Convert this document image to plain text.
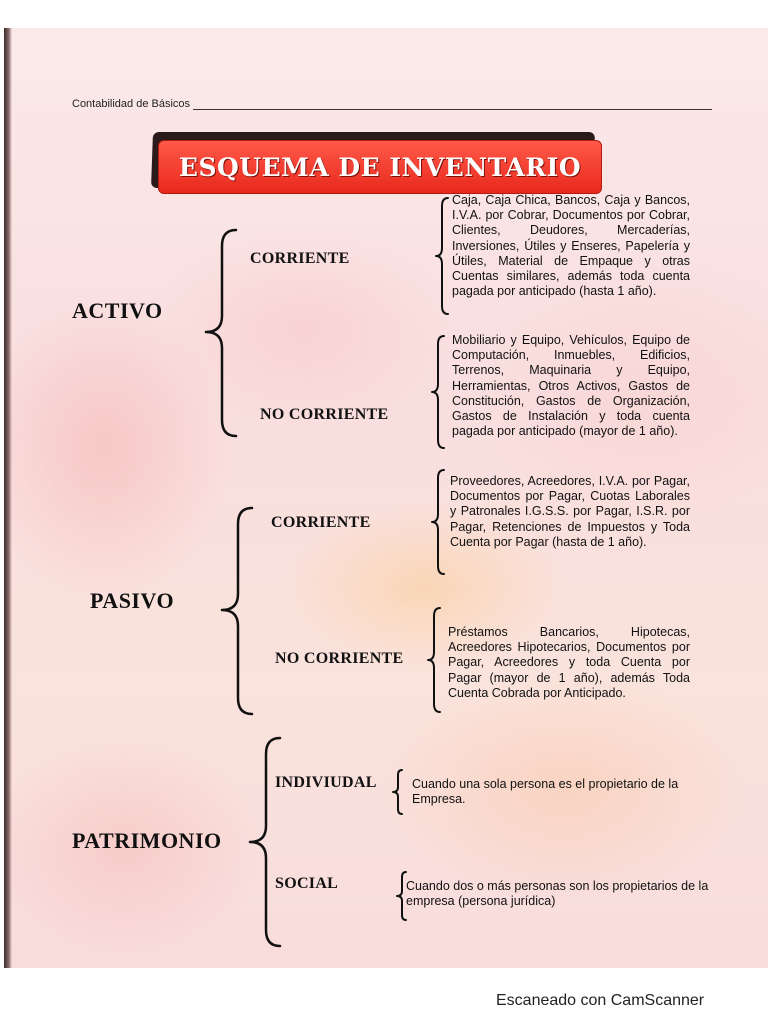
Contabilidad de Básicos
ESQUEMA DE INVENTARIO
ACTIVO
CORRIENTE
NO CORRIENTE
Caja, Caja Chica, Bancos, Caja y Bancos, I.V.A. por Cobrar, Documentos por Cobrar, Clientes, Deudores, Mercaderías, Inversiones, Útiles y Enseres, Papelería y Útiles, Material de Empaque y otras Cuentas similares, además toda cuenta pagada por anticipado (hasta 1 año).
Mobiliario y Equipo, Vehículos, Equipo de Computación, Inmuebles, Edificios, Terrenos, Maquinaria y Equipo, Herramientas, Otros Activos, Gastos de Constitución, Gastos de Organización, Gastos de Instalación y toda cuenta pagada por anticipado (mayor de 1 año).
PASIVO
CORRIENTE
NO CORRIENTE
Proveedores, Acreedores, I.V.A. por Pagar, Documentos por Pagar, Cuotas Laborales y Patronales I.G.S.S. por Pagar, I.S.R. por Pagar, Retenciones de Impuestos y Toda Cuenta por Pagar (hasta de 1 año).
Préstamos Bancarios, Hipotecas, Acreedores Hipotecarios, Documentos por Pagar, Acreedores y toda Cuenta por Pagar (mayor de 1 año), además Toda Cuenta Cobrada por Anticipado.
PATRIMONIO
INDIVIUDAL
SOCIAL
Cuando una sola persona es el propietario de la Empresa.
Cuando dos o más personas son los propietarios de la empresa (persona jurídica)
Escaneado con CamScanner
